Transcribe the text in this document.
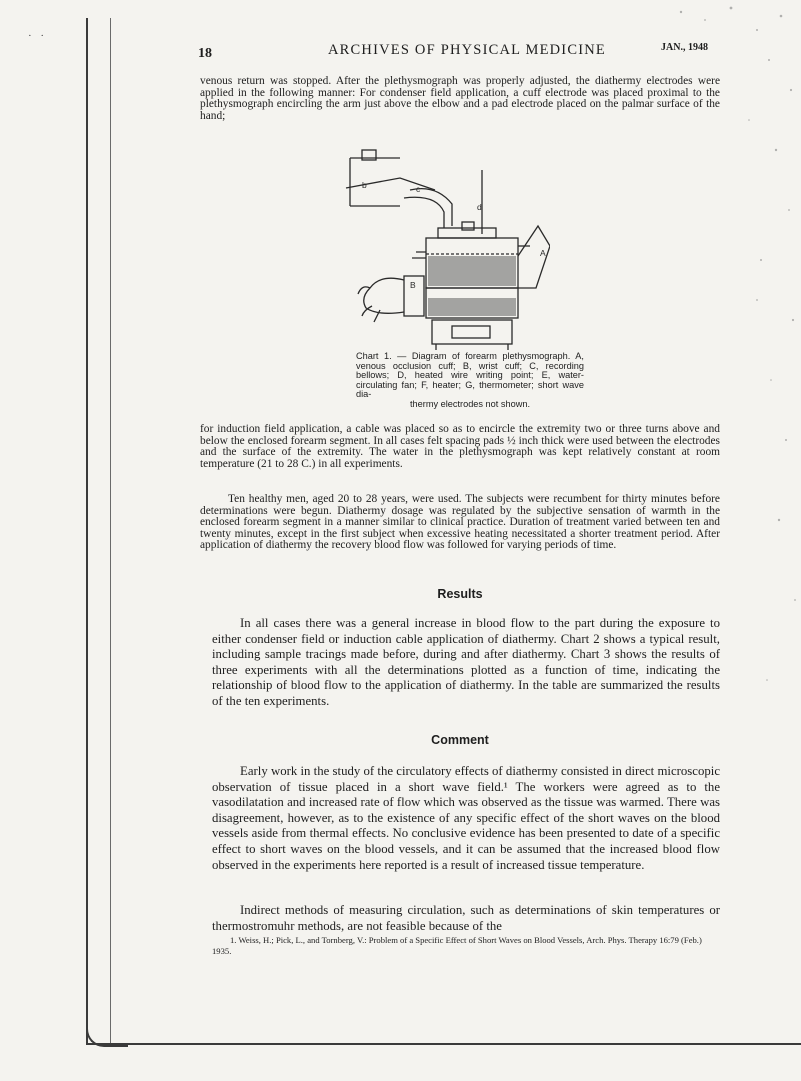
· ·
18	ARCHIVES OF PHYSICAL MEDICINE	JAN., 1948

venous return was stopped. After the plethysmograph was properly adjusted, the diathermy electrodes were applied in the following manner: For condenser field application, a cuff electrode was placed proximal to the plethysmograph encircling the arm just above the elbow and a pad electrode placed on the palmar surface of the hand;

b	c
d
A
B
Chart 1. — Diagram of forearm plethysmograph. A, venous occlusion cuff; B, wrist cuff; C, recording bellows; D, heated wire writing point; E, water-circulating fan; F, heater; G, thermometer; short wave dia-
thermy electrodes not shown.

for induction field application, a cable was placed so as to encircle the extremity two or three turns above and below the enclosed forearm segment. In all cases felt spacing pads ½ inch thick were used between the electrodes and the surface of the extremity. The water in the plethysmograph was kept relatively constant at room temperature (21 to 28 C.) in all experiments.

Ten healthy men, aged 20 to 28 years, were used. The subjects were recumbent for thirty minutes before determinations were begun. Diathermy dosage was regulated by the subjective sensation of warmth in the enclosed forearm segment in a manner similar to clinical practice. Duration of treatment varied between ten and twenty minutes, except in the first subject when excessive heating necessitated a shorter treatment period. After application of diathermy the recovery blood flow was followed for varying periods of time.

Results

In all cases there was a general increase in blood flow to the part during the exposure to either condenser field or induction cable application of diathermy. Chart 2 shows a typical result, including sample tracings made before, during and after diathermy. Chart 3 shows the results of three experiments with all the determinations plotted as a function of time, indicating the relationship of blood flow to the application of diathermy. In the table are summarized the results of the ten experiments.

Comment

Early work in the study of the circulatory effects of diathermy consisted in direct microscopic observation of tissue placed in a short wave field.¹ The workers were agreed as to the vasodilatation and increased rate of flow which was observed as the tissue was warmed. There was disagreement, however, as to the existence of any specific effect of the short waves on the blood vessels aside from thermal effects. No conclusive evidence has been presented to date of a specific effect to short waves on the blood vessels, and it can be assumed that the increased blood flow observed in the experiments here reported is a result of increased tissue temperature.

Indirect methods of measuring circulation, such as determinations of skin temperatures or thermostromuhr methods, are not feasible because of the

1. Weiss, H.; Pick, L., and Tornberg, V.: Problem of a Specific Effect of Short Waves on Blood Vessels, Arch. Phys. Therapy 16:79 (Feb.) 1935.
